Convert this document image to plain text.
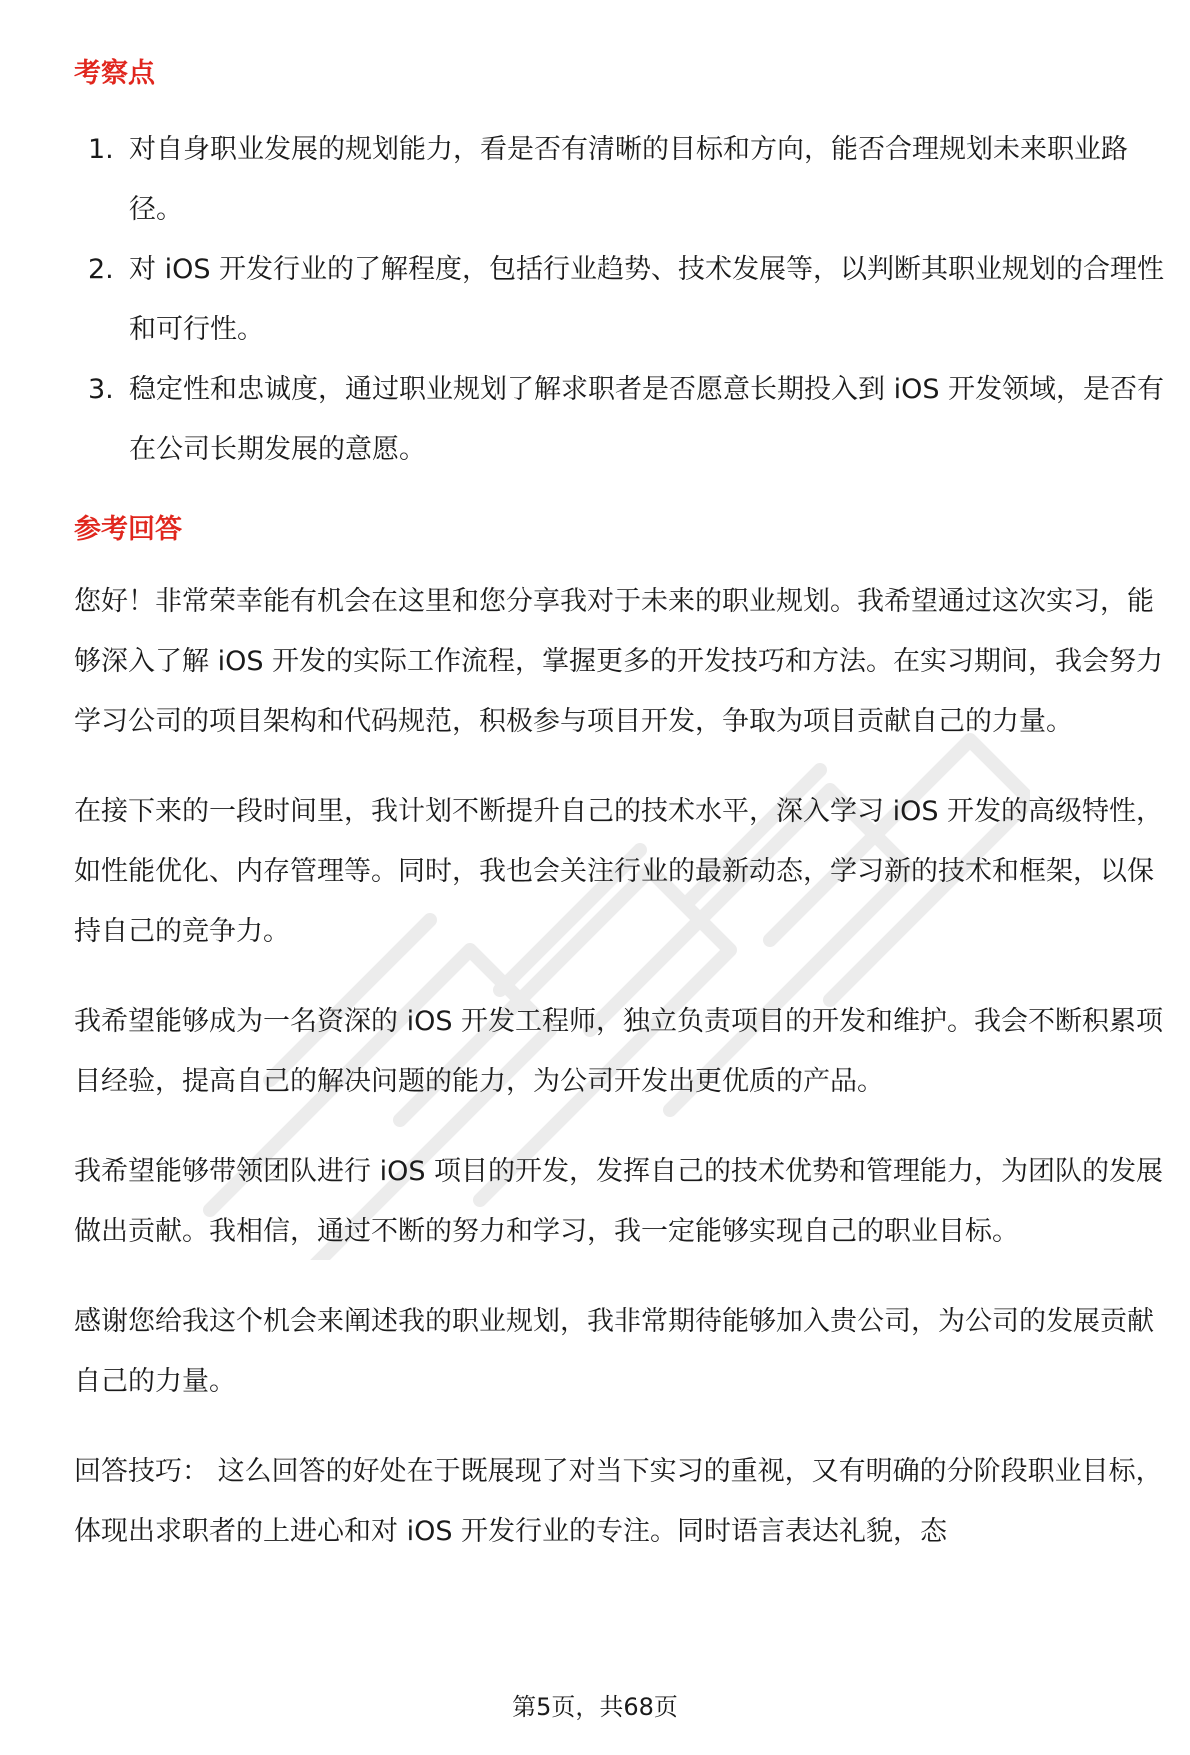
考察点
1. 对自身职业发展的规划能力，看是否有清晰的目标和方向，能否合理规划未来职业路径。
2. 对 iOS 开发行业的了解程度，包括行业趋势、技术发展等，以判断其职业规划的合理性和可行性。
3. 稳定性和忠诚度，通过职业规划了解求职者是否愿意长期投入到 iOS 开发领域，是否有在公司长期发展的意愿。
参考回答

您好！非常荣幸能有机会在这里和您分享我对于未来的职业规划。我希望通过这次实习，能够深入了解 iOS 开发的实际工作流程，掌握更多的开发技巧和方法。在实习期间，我会努力学习公司的项目架构和代码规范，积极参与项目开发，争取为项目贡献自己的力量。

在接下来的一段时间里，我计划不断提升自己的技术水平，深入学习 iOS 开发的高级特性，如性能优化、内存管理等。同时，我也会关注行业的最新动态，学习新的技术和框架，以保持自己的竞争力。

我希望能够成为一名资深的 iOS 开发工程师，独立负责项目的开发和维护。我会不断积累项目经验，提高自己的解决问题的能力，为公司开发出更优质的产品。

我希望能够带领团队进行 iOS 项目的开发，发挥自己的技术优势和管理能力，为团队的发展做出贡献。我相信，通过不断的努力和学习，我一定能够实现自己的职业目标。

感谢您给我这个机会来阐述我的职业规划，我非常期待能够加入贵公司，为公司的发展贡献自己的力量。

回答技巧： 这么回答的好处在于既展现了对当下实习的重视，又有明确的分阶段职业目标，体现出求职者的上进心和对 iOS 开发行业的专注。同时语言表达礼貌，态

第5页，共68页
